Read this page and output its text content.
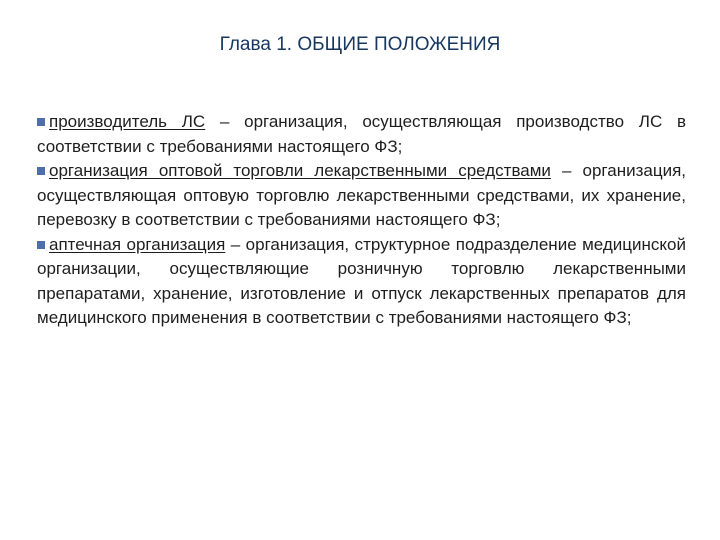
Глава 1. ОБЩИЕ ПОЛОЖЕНИЯ

производитель ЛС – организация, осуществляющая производство ЛС в соответствии с требованиями настоящего ФЗ;

организация оптовой торговли лекарственными средствами – организация, осуществляющая оптовую торговлю лекарственными средствами, их хранение, перевозку в соответствии с требованиями настоящего ФЗ;

аптечная организация – организация, структурное подразделение медицинской организации, осуществляющие розничную торговлю лекарственными препаратами, хранение, изготовление и отпуск лекарственных препаратов для медицинского применения в соответствии с требованиями настоящего ФЗ;
